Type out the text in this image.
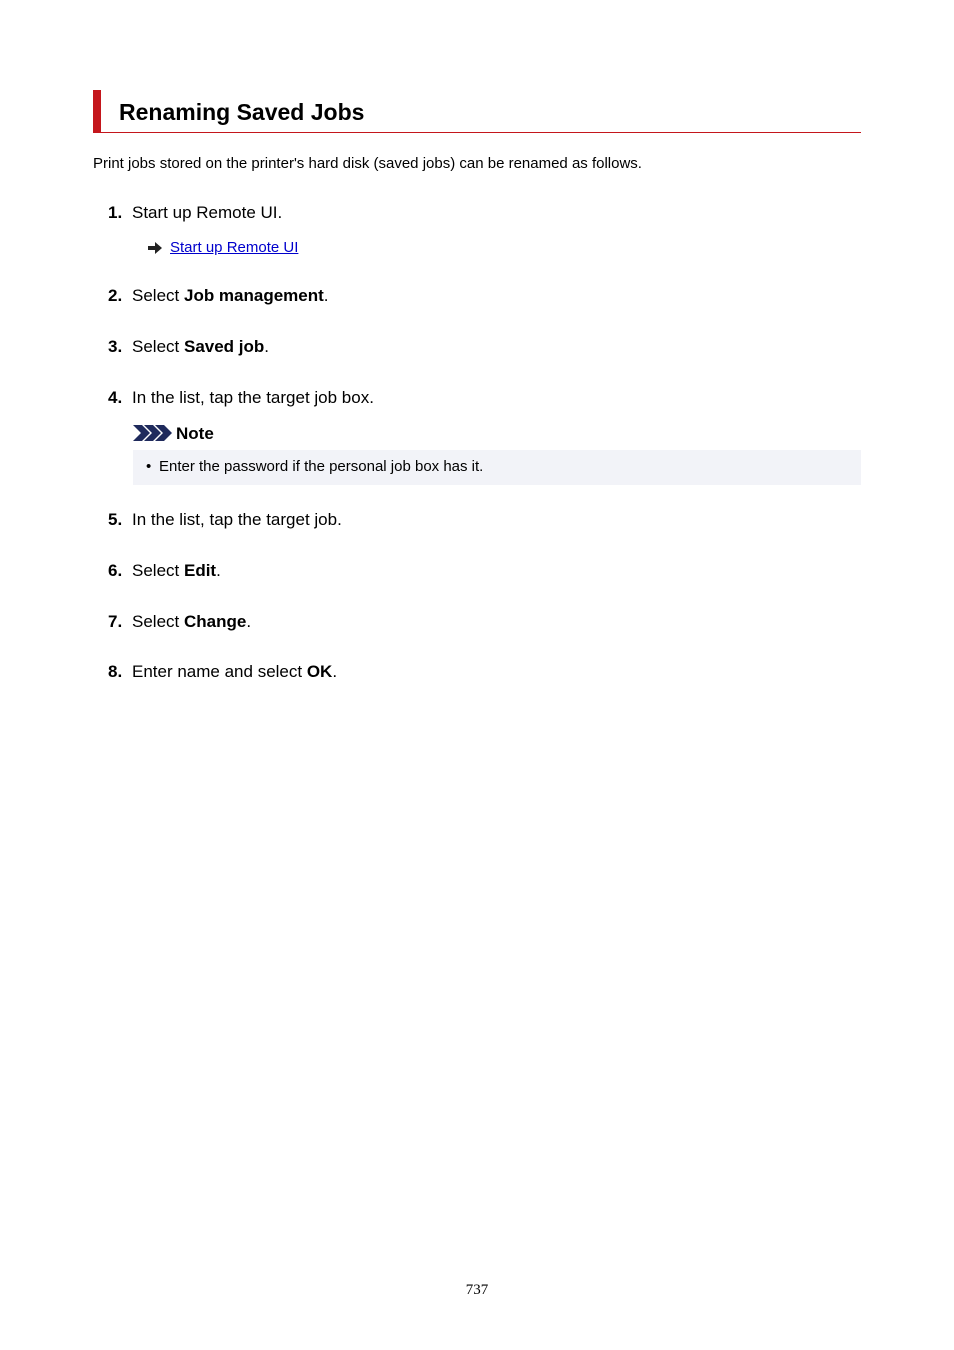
Renaming Saved Jobs
Print jobs stored on the printer's hard disk (saved jobs) can be renamed as follows.
1. Start up Remote UI.
Start up Remote UI
2. Select Job management.
3. Select Saved job.
4. In the list, tap the target job box.
Note
• Enter the password if the personal job box has it.
5. In the list, tap the target job.
6. Select Edit.
7. Select Change.
8. Enter name and select OK.
737
